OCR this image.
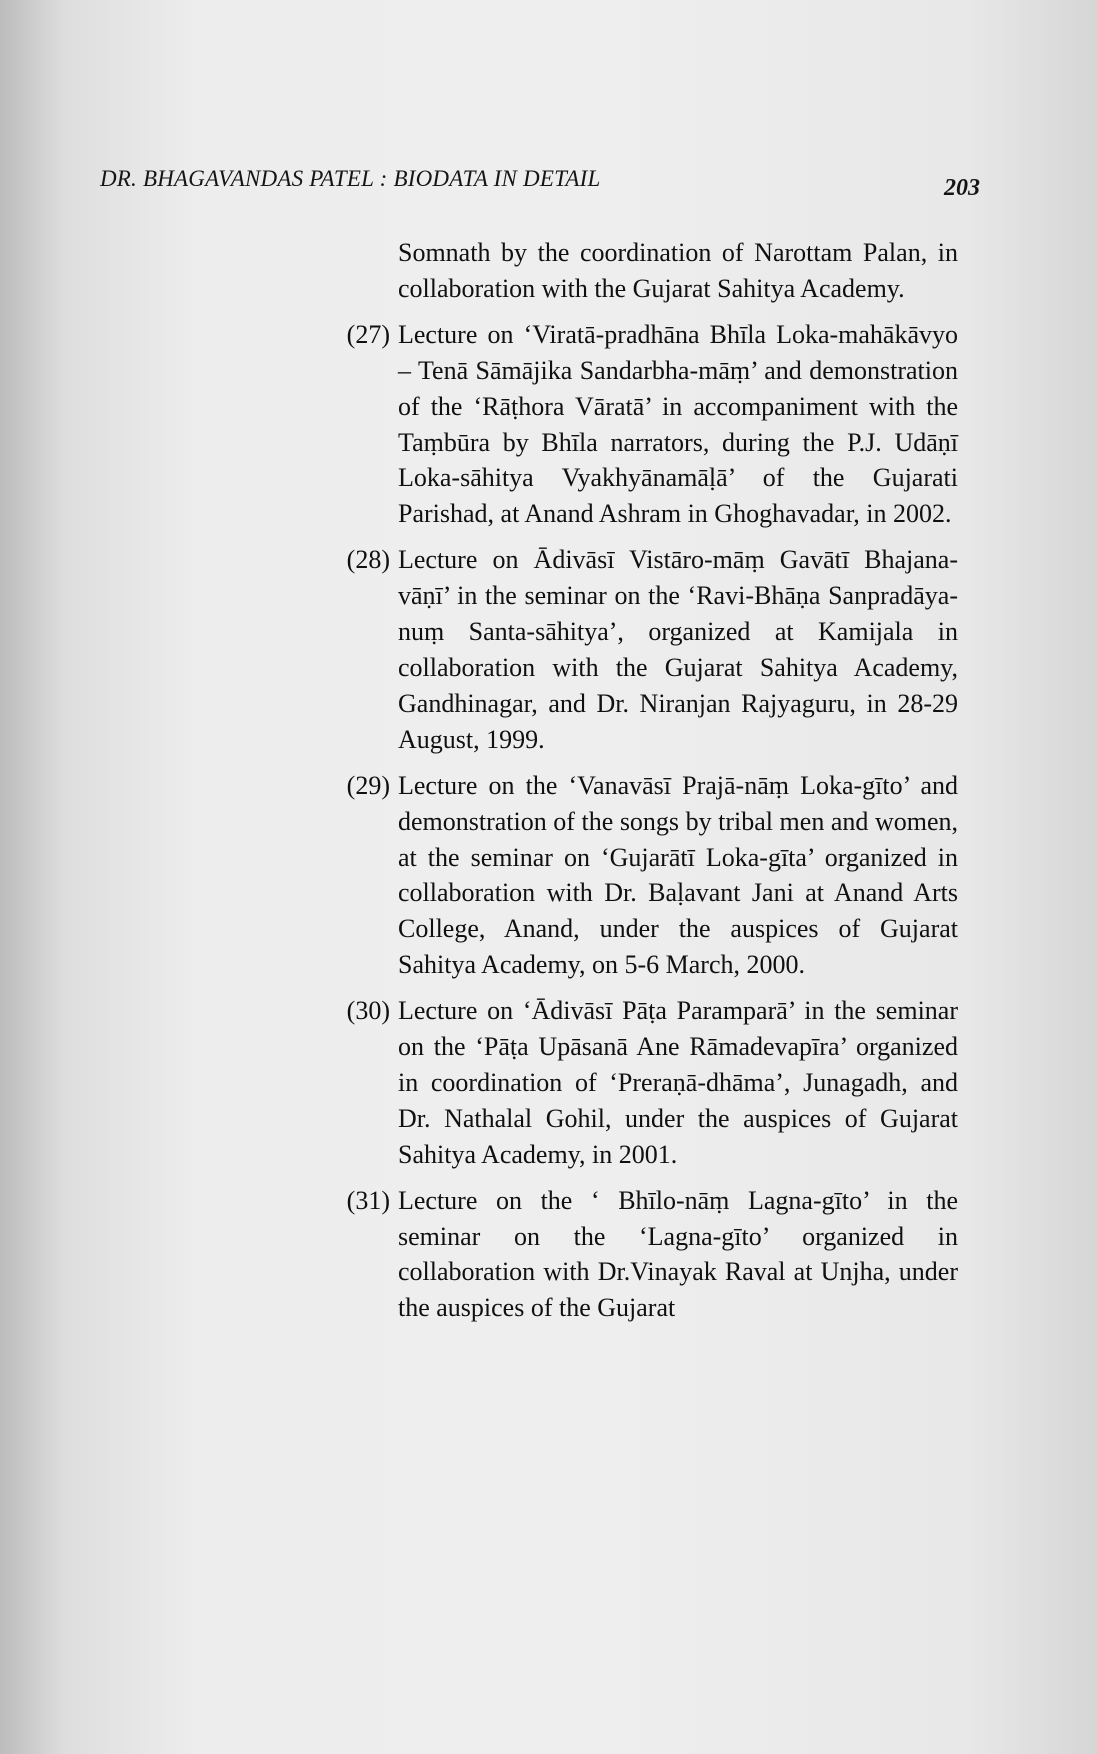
DR. BHAGAVANDAS PATEL : BIODATA IN DETAIL	203

Somnath by the coordination of Narottam Palan, in collaboration with the Gujarat Sahitya Academy.

(27) Lecture on ‘Viratā-pradhāna Bhīla Loka-mahākāvyo – Tenā Sāmājika Sandarbha-māṃ’ and demonstration of the ‘Rāṭhora Vāratā’ in accompaniment with the Taṃbūra by Bhīla narrators, during the P.J. Udāṇī Loka-sāhitya Vyakhyānamāḷā’ of the Gujarati Parishad, at Anand Ashram in Ghoghavadar, in 2002.
(28) Lecture on Ādivāsī Vistāro-māṃ Gavātī Bhajana-vāṇī’ in the seminar on the ‘Ravi-Bhāṇa Sanpradāya-nuṃ Santa-sāhitya’, organized at Kamijala in collaboration with the Gujarat Sahitya Academy, Gandhinagar, and Dr. Niranjan Rajyaguru, in 28-29 August, 1999.
(29) Lecture on the ‘Vanavāsī Prajā-nāṃ Loka-gīto’ and demonstration of the songs by tribal men and women, at the seminar on ‘Gujarātī Loka-gīta’ organized in collaboration with Dr. Baḷavant Jani at Anand Arts College, Anand, under the auspices of Gujarat Sahitya Academy, on 5-6 March, 2000.
(30) Lecture on ‘Ādivāsī Pāṭa Paramparā’ in the seminar on the ‘Pāṭa Upāsanā Ane Rāmadevapīra’ organized in coordination of ‘Preraṇā-dhāma’, Junagadh, and Dr. Nathalal Gohil, under the auspices of Gujarat Sahitya Academy, in 2001.
(31) Lecture on the ‘ Bhīlo-nāṃ Lagna-gīto’ in the seminar on the ‘Lagna-gīto’ organized in collaboration with Dr.Vinayak Raval at Unjha, under the auspices of the Gujarat
